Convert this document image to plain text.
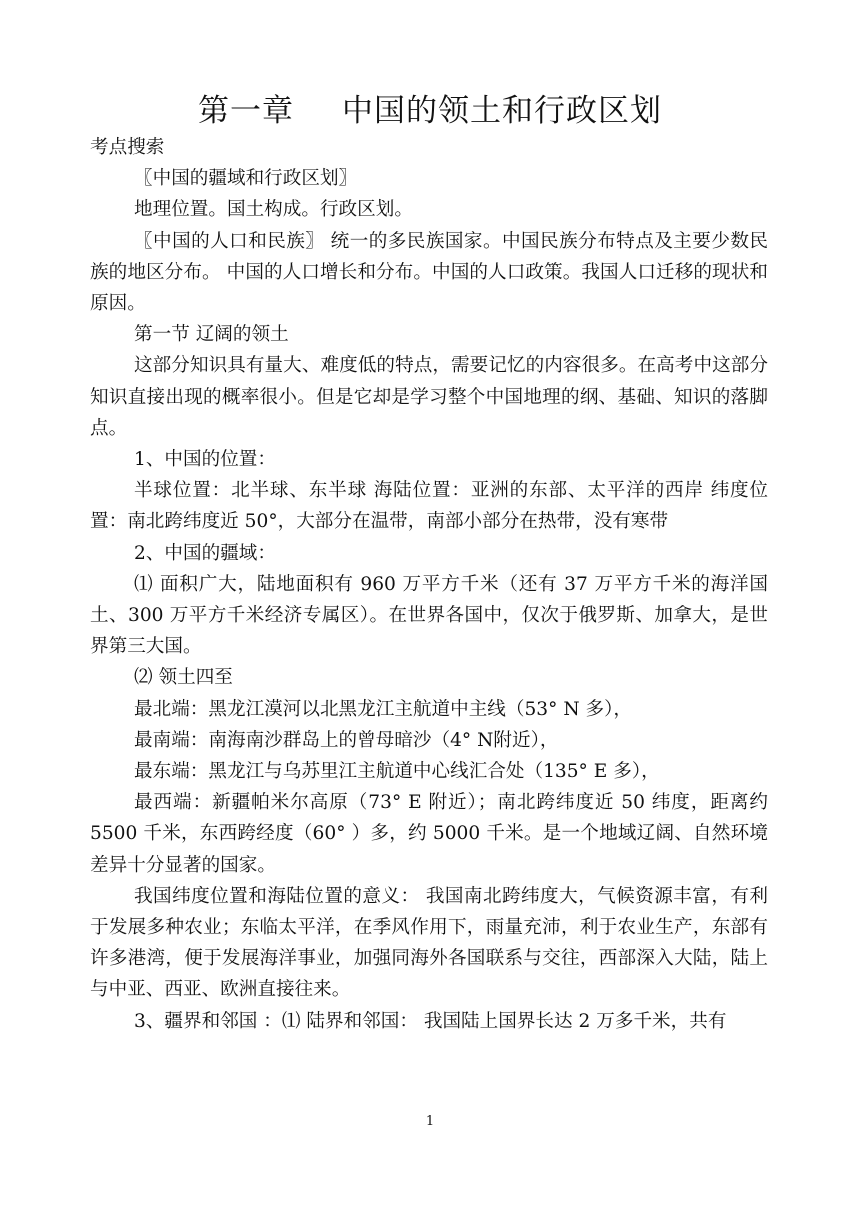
第一章 中国的领土和行政区划

考点搜索

〖中国的疆域和行政区划〗

地理位置。国土构成。行政区划。

〖中国的人口和民族〗 统一的多民族国家。中国民族分布特点及主要少数民族的地区分布。 中国的人口增长和分布。中国的人口政策。我国人口迁移的现状和原因。

第一节 辽阔的领土

这部分知识具有量大、难度低的特点，需要记忆的内容很多。在高考中这部分知识直接出现的概率很小。但是它却是学习整个中国地理的纲、基础、知识的落脚点。

1、中国的位置：

半球位置：北半球、东半球 海陆位置：亚洲的东部、太平洋的西岸 纬度位置：南北跨纬度近 50°，大部分在温带，南部小部分在热带，没有寒带

2、中国的疆域：

⑴ 面积广大，陆地面积有 960 万平方千米（还有 37 万平方千米的海洋国土、300 万平方千米经济专属区）。在世界各国中，仅次于俄罗斯、加拿大，是世界第三大国。

⑵ 领土四至

最北端：黑龙江漠河以北黑龙江主航道中主线（53° N 多），

最南端：南海南沙群岛上的曾母暗沙（4° N附近），

最东端：黑龙江与乌苏里江主航道中心线汇合处（135° E 多），

最西端：新疆帕米尔高原（73° E 附近）；南北跨纬度近 50 纬度，距离约 5500 千米，东西跨经度（60° ）多，约 5000 千米。是一个地域辽阔、自然环境差异十分显著的国家。

我国纬度位置和海陆位置的意义： 我国南北跨纬度大，气候资源丰富，有利于发展多种农业；东临太平洋，在季风作用下，雨量充沛，利于农业生产，东部有许多港湾，便于发展海洋事业，加强同海外各国联系与交往，西部深入大陆，陆上与中亚、西亚、欧洲直接往来。

3、疆界和邻国 ：⑴ 陆界和邻国： 我国陆上国界长达 2 万多千米，共有

1
